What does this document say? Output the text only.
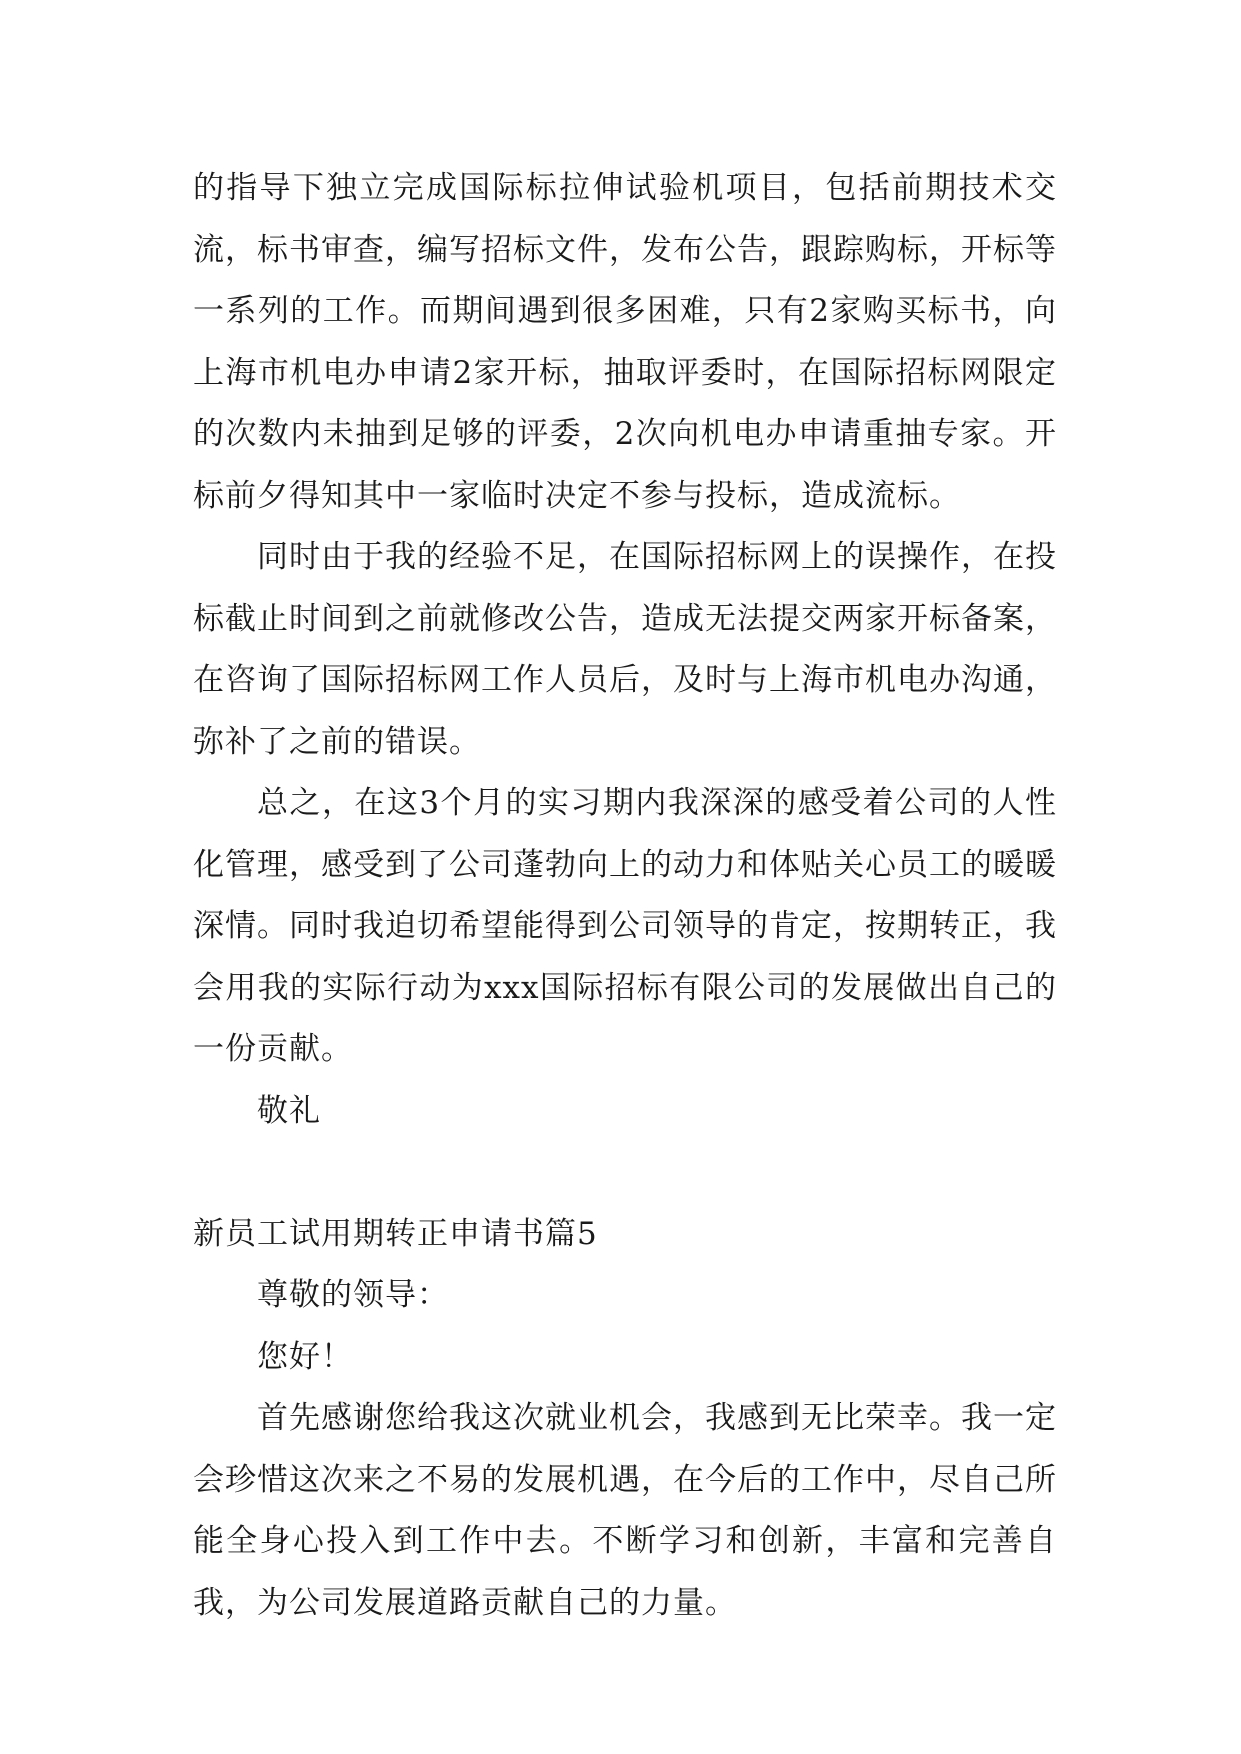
的指导下独立完成国际标拉伸试验机项目，包括前期技术交流，标书审查，编写招标文件，发布公告，跟踪购标，开标等一系列的工作。而期间遇到很多困难，只有2家购买标书，向上海市机电办申请2家开标，抽取评委时，在国际招标网限定的次数内未抽到足够的评委，2次向机电办申请重抽专家。开标前夕得知其中一家临时决定不参与投标，造成流标。

同时由于我的经验不足，在国际招标网上的误操作，在投标截止时间到之前就修改公告，造成无法提交两家开标备案，在咨询了国际招标网工作人员后，及时与上海市机电办沟通，弥补了之前的错误。

总之，在这3个月的实习期内我深深的感受着公司的人性化管理，感受到了公司蓬勃向上的动力和体贴关心员工的暖暖深情。同时我迫切希望能得到公司领导的肯定，按期转正，我会用我的实际行动为xxx国际招标有限公司的发展做出自己的一份贡献。

敬礼

新员工试用期转正申请书篇5

尊敬的领导：

您好！

首先感谢您给我这次就业机会，我感到无比荣幸。我一定会珍惜这次来之不易的发展机遇，在今后的工作中，尽自己所能全身心投入到工作中去。不断学习和创新，丰富和完善自我，为公司发展道路贡献自己的力量。
